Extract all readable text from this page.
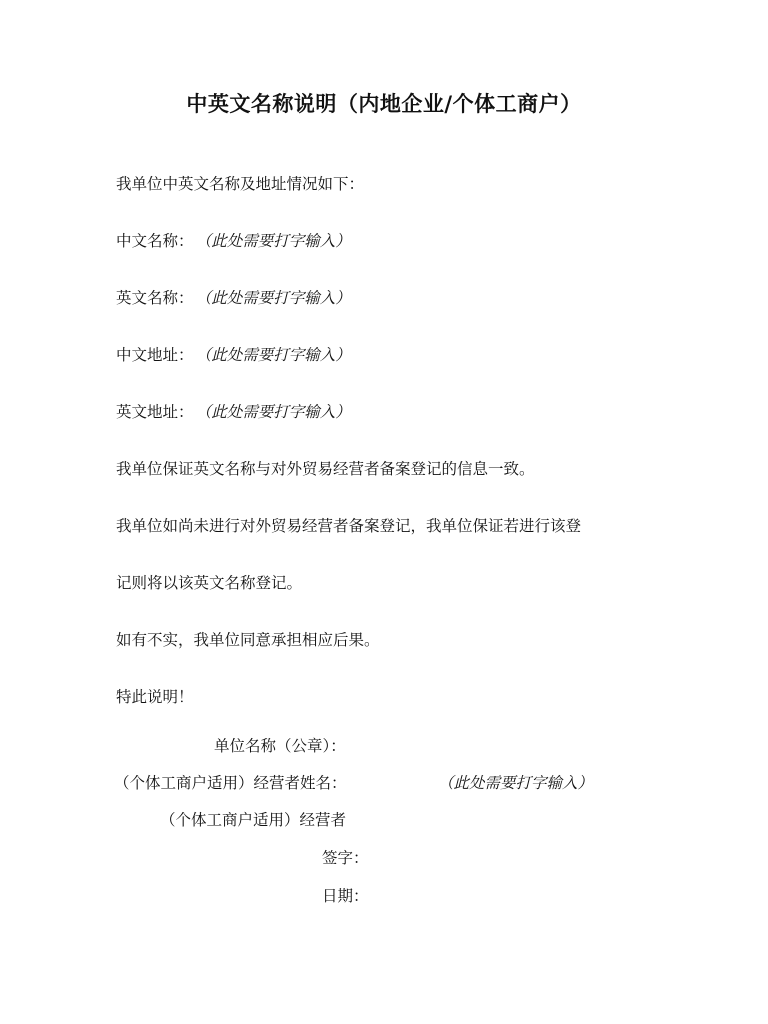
中英文名称说明（内地企业/个体工商户）
我单位中英文名称及地址情况如下：
中文名称： （此处需要打字输入）
英文名称： （此处需要打字输入）
中文地址： （此处需要打字输入）
英文地址： （此处需要打字输入）
我单位保证英文名称与对外贸易经营者备案登记的信息一致。
我单位如尚未进行对外贸易经营者备案登记，我单位保证若进行该登
记则将以该英文名称登记。
如有不实，我单位同意承担相应后果。
特此说明！
单位名称（公章）：
（个体工商户适用）经营者姓名：	（此处需要打字输入）
（个体工商户适用）经营者
签字：
日期：
